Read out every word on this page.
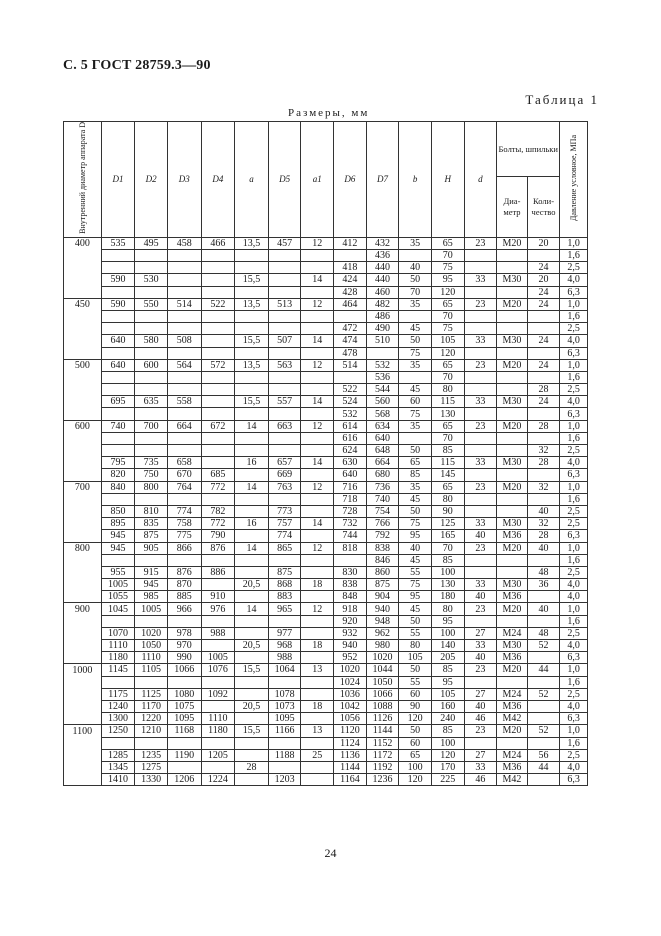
С. 5 ГОСТ 28759.3—90
Таблица 1
Размеры, мм
Внутренний диаметр аппарата D	D1	D2	D3	D4	a	D5	a1	D6	D7	b	H	d	Болты, шпильки		Давление условное, МПа
													Диа-метр	Коли-чество	
400	535	495	458	466	13,5	457	12	412	432	35	65	23	М20	20	1,0
									436		70				1,6
								418	440	40	75			24	2,5
	590	530			15,5		14	424	440	50	95	33	М30	20	4,0
								428	460	70	120			24	6,3
450	590	550	514	522	13,5	513	12	464	482	35	65	23	М20	24	1,0
									486		70				1,6
								472	490	45	75				2,5
	640	580	508		15,5	507	14	474	510	50	105	33	М30	24	4,0
								478		75	120				6,3
500	640	600	564	572	13,5	563	12	514	532	35	65	23	М20	24	1,0
									536		70				1,6
								522	544	45	80			28	2,5
	695	635	558		15,5	557	14	524	560	60	115	33	М30	24	4,0
								532	568	75	130				6,3
600	740	700	664	672	14	663	12	614	634	35	65	23	М20	28	1,0
								616	640		70				1,6
								624	648	50	85			32	2,5
	795	735	658		16	657	14	630	664	65	115	33	М30	28	4,0
	820	750	670	685		669		640	680	85	145				6,3
700	840	800	764	772	14	763	12	716	736	35	65	23	М20	32	1,0
								718	740	45	80				1,6
	850	810	774	782		773		728	754	50	90			40	2,5
	895	835	758	772	16	757	14	732	766	75	125	33	М30	32	2,5
	945	875	775	790		774		744	792	95	165	40	М36	28	6,3
800	945	905	866	876	14	865	12	818	838	40	70	23	М20	40	1,0
									846	45	85				1,6
	955	915	876	886		875		830	860	55	100			48	2,5
	1005	945	870		20,5	868	18	838	875	75	130	33	М30	36	4,0
	1055	985	885	910		883		848	904	95	180	40	М36		4,0
900	1045	1005	966	976	14	965	12	918	940	45	80	23	М20	40	1,0
								920	948	50	95				1,6
	1070	1020	978	988		977		932	962	55	100	27	М24	48	2,5
	1110	1050	970		20,5	968	18	940	980	80	140	33	М30	52	4,0
	1180	1110	990	1005		988		952	1020	105	205	40	М36		6,3
1000	1145	1105	1066	1076	15,5	1064	13	1020	1044	50	85	23	М20	44	1,0
								1024	1050	55	95				1,6
	1175	1125	1080	1092		1078		1036	1066	60	105	27	М24	52	2,5
	1240	1170	1075		20,5	1073	18	1042	1088	90	160	40	М36		4,0
	1300	1220	1095	1110		1095		1056	1126	120	240	46	М42		6,3
1100	1250	1210	1168	1180	15,5	1166	13	1120	1144	50	85	23	М20	52	1,0
								1124	1152	60	100				1,6
	1285	1235	1190	1205		1188	25	1136	1172	65	120	27	М24	56	2,5
	1345	1275			28			1144	1192	100	170	33	М36	44	4,0
	1410	1330	1206	1224		1203		1164	1236	120	225	46	М42		6,3
24
